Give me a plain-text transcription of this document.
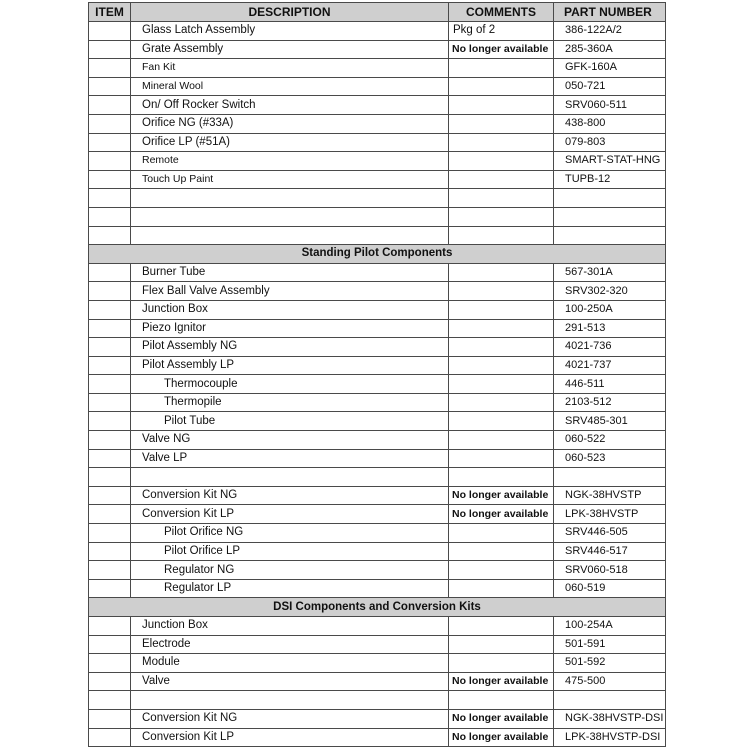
ITEM	DESCRIPTION	COMMENTS	PART NUMBER
	Glass Latch Assembly	Pkg of 2	386-122A/2
	Grate Assembly	No longer available	285-360A
	Fan Kit		GFK-160A
	Mineral Wool		050-721
	On/ Off Rocker Switch		SRV060-511
	Orifice NG (#33A)		438-800
	Orifice LP (#51A)		079-803
	Remote		SMART-STAT-HNG
	Touch Up Paint		TUPB-12

Standing Pilot Components			
	Burner Tube		567-301A
	Flex Ball Valve Assembly		SRV302-320
	Junction Box		100-250A
	Piezo Ignitor		291-513
	Pilot Assembly NG		4021-736
	Pilot Assembly LP		4021-737
	Thermocouple		446-511
	Thermopile		2103-512
	Pilot Tube		SRV485-301
	Valve NG		060-522
	Valve LP		060-523

	Conversion Kit NG	No longer available	NGK-38HVSTP
	Conversion Kit LP	No longer available	LPK-38HVSTP
	Pilot Orifice NG		SRV446-505
	Pilot Orifice LP		SRV446-517
	Regulator NG		SRV060-518
	Regulator LP		060-519
DSI Components and Conversion Kits			
	Junction Box		100-254A
	Electrode		501-591
	Module		501-592
	Valve	No longer available	475-500

	Conversion Kit NG	No longer available	NGK-38HVSTP-DSI
	Conversion Kit LP	No longer available	LPK-38HVSTP-DSI
